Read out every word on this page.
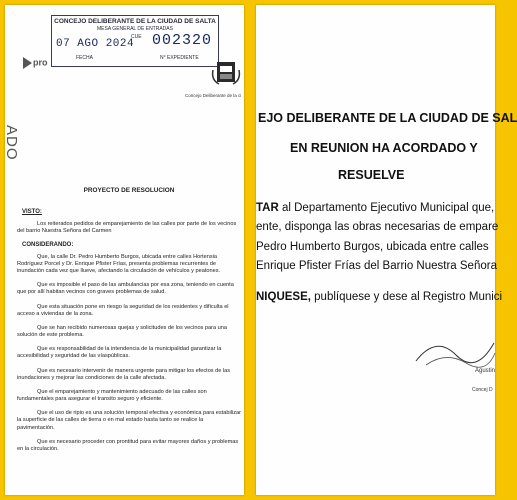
CONCEJO DELIBERANTE DE LA CIUDAD DE SALTA
MESA GENERAL DE ENTRADAS
07 AGO 2024
CUE 002320
FECHA	N° EXPEDIENTE
pro
ADO
Concejo Deliberante de la ci
PROYECTO DE RESOLUCION
VISTO:

Los reiterados pedidos de emparejamiento de las calles por parte de los vecinos del barrio Nuestra Señora del Carmen

CONSIDERANDO:

Que, la calle Dr. Pedro Humberto Burgos, ubicada entre calles Hortensia Rodríguez Porcel y Dr. Enrique Pfister Frías, presenta problemas recurrentes de inundación cada vez que llueve, afectando la circulación de vehículos y peatones.

Que es imposible el paso de las ambulancias por esa zona, teniendo en cuenta que por allí habitan vecinos con graves problemas de salud.

Que esta situación pone en riesgo la seguridad de los residentes y dificulta el acceso a viviendas de la zona.

Que se han recibido numerosas quejas y solicitudes de los vecinos para una solución de este problema.

Que es responsabilidad de la intendencia de la municipalidad garantizar la accesibilidad y seguridad de las víaspúblicas.

Que es necesario intervenir de manera urgente para mitigar los efectos de las inundaciones y mejorar las condiciones de la calle afectada.

Que el emparejamiento y mantenimiento adecuado de las calles son fundamentales para asegurar el transito seguro y eficiente.

Que el uso de ripio es una solución temporal efectiva y económica para estabilizar la superficie de las calles de tierra o en mal estado hasta tanto se realice la pavimentación.

Que es necesario proceder con prontitud para evitar mayores daños y problemas en la circulación.

EJO DELIBERANTE DE LA CIUDAD DE SAL
EN REUNION HA ACORDADO Y
RESUELVE
TAR al Departamento Ejecutivo Municipal que,
ente, disponga las obras necesarias de empare
Pedro Humberto Burgos, ubicada entre calles
Enrique Pfister Frías del Barrio Nuestra Señora
NIQUESE, publíquese y dese al Registro Munici
Agustin
Concej D
